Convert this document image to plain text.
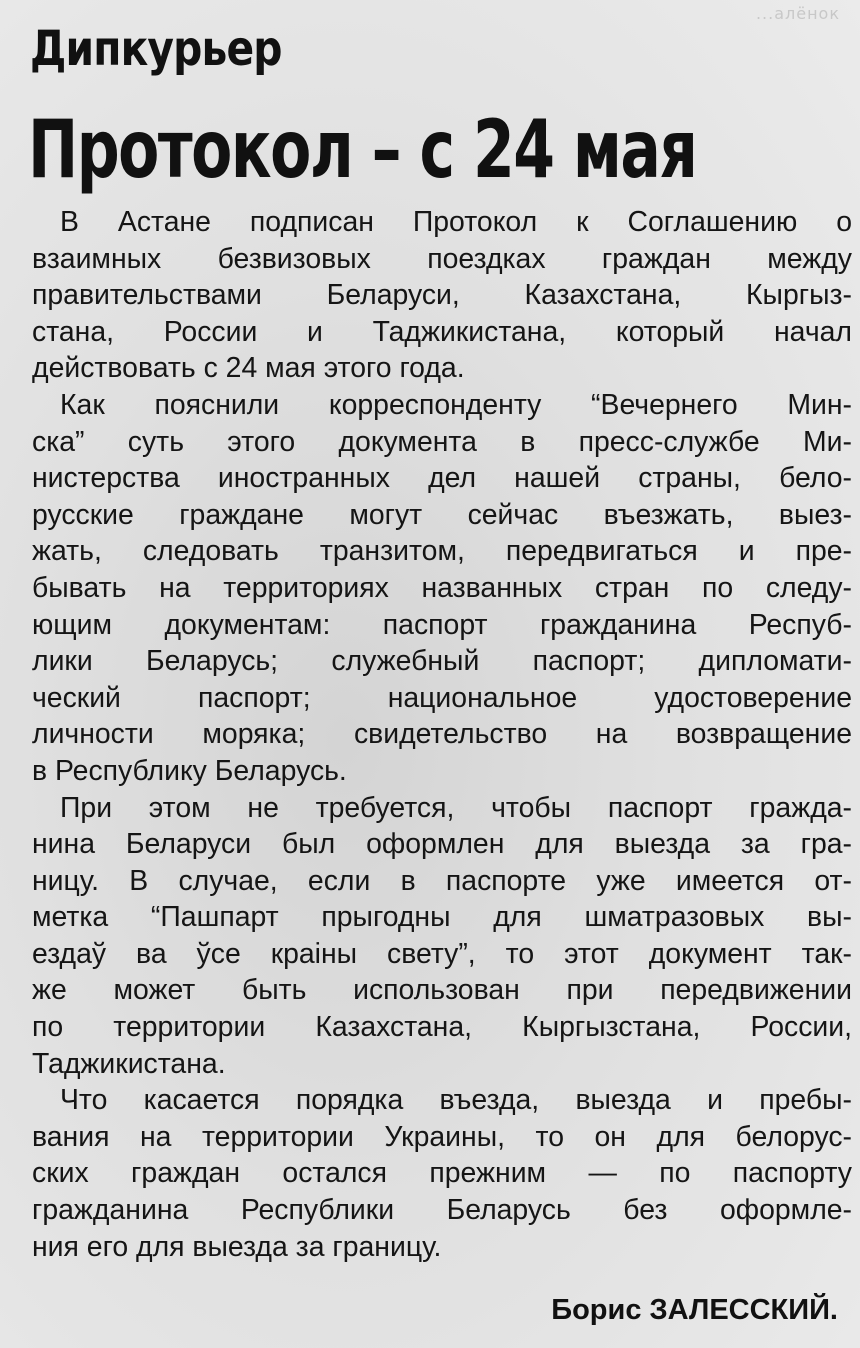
...алёнок
Дипкурьер
Протокол – с 24 мая
В Астане подписан Протокол к Соглашению о
взаимных безвизовых поездках граждан между
правительствами Беларуси, Казахстана, Кыргыз-
стана, России и Таджикистана, который начал
действовать с 24 мая этого года.
Как пояснили корреспонденту “Вечернего Мин-
ска” суть этого документа в пресс-службе Ми-
нистерства иностранных дел нашей страны, бело-
русские граждане могут сейчас въезжать, выез-
жать, следовать транзитом, передвигаться и пре-
бывать на территориях названных стран по следу-
ющим документам: паспорт гражданина Респуб-
лики Беларусь; служебный паспорт; дипломати-
ческий паспорт; национальное удостоверение
личности моряка; свидетельство на возвращение
в Республику Беларусь.
При этом не требуется, чтобы паспорт гражда-
нина Беларуси был оформлен для выезда за гра-
ницу. В случае, если в паспорте уже имеется от-
метка “Пашпарт прыгодны для шматразовых вы-
ездаў ва ўсе краіны свету”, то этот документ так-
же может быть использован при передвижении
по территории Казахстана, Кыргызстана, России,
Таджикистана.
Что касается порядка въезда, выезда и пребы-
вания на территории Украины, то он для белорус-
ских граждан остался прежним — по паспорту
гражданина Республики Беларусь без оформле-
ния его для выезда за границу.
Борис ЗАЛЕССКИЙ.
